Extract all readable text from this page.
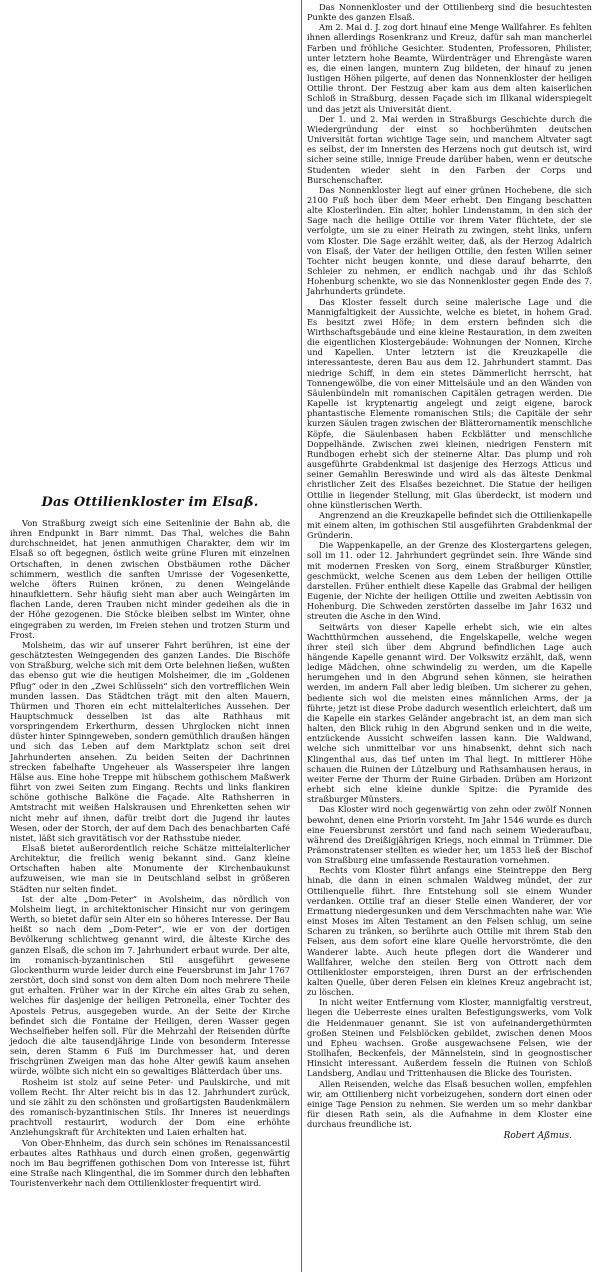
Das Ottilienkloster im Elsaß.

Von Straßburg zweigt sich eine Seitenlinie der Bahn ab, die ihren Endpunkt in Barr nimmt. Das Thal, welches die Bahn durchschneidet, hat jenen anmuthigen Charakter, dem wir im Elsaß so oft begegnen, östlich weite grüne Fluren mit einzelnen Ortschaften, in denen zwischen Obstbäumen rothe Dächer schimmern, westlich die sanften Umrisse der Vogesenkette, welche öfters Ruinen krönen, zu denen Weingelände hinaufklettern. Sehr häufig sieht man aber auch Weingärten im flachen Lande, deren Trauben nicht minder gedeihen als die in der Höhe gezogenen. Die Stöcke bleiben selbst im Winter, ohne eingegraben zu werden, im Freien stehen und trotzen Sturm und Frost.

Molsheim, das wir auf unserer Fahrt berühren, ist eine der geschätztesten Weingegenden des ganzen Landes. Die Bischöfe von Straßburg, welche sich mit dem Orte belehnen ließen, wußten das ebenso gut wie die heutigen Molsheimer, die im „Goldenen Pflug“ oder in den „Zwei Schlüsseln“ sich den vortrefflichen Wein munden lassen. Das Städtchen trägt mit den alten Mauern, Thürmen und Thoren ein echt mittelalterliches Aussehen. Der Hauptschmuck desselben ist das alte Rathhaus mit vorspringendem Erkerthurm, dessen Uhrglocken nicht innen düster hinter Spinngeweben, sondern gemüthlich draußen hängen und sich das Leben auf dem Marktplatz schon seit drei Jahrhunderten ansehen. Zu beiden Seiten der Dachrinnen strecken fabelhafte Ungeheuer als Wasserspeier ihre langen Hälse aus. Eine hohe Treppe mit hübschem gothischem Maßwerk führt von zwei Seiten zum Eingang. Rechts und links flankiren schöne gothische Balköne die Façade. Alte Rathsherren in Amtstracht mit weißen Halskrausen und Ehrenketten sehen wir nicht mehr auf ihnen, dafür treibt dort die Jugend ihr lautes Wesen, oder der Storch, der auf dem Dach des benachbarten Café nistet, läßt sich gravitätisch vor der Rathsstube nieder.

Elsaß bietet außerordentlich reiche Schätze mittelalterlicher Architektur, die freilich wenig bekannt sind. Ganz kleine Ortschaften haben alte Monumente der Kirchenbaukunst aufzuweisen, wie man sie in Deutschland selbst in größeren Städten nur selten findet.

Ist der alte „Dom-Peter“ in Avolsheim, das nördlich von Molsheim liegt, in architektonischer Hinsicht nur von geringem Werth, so bietet dafür sein Alter ein so höheres Interesse. Der Bau heißt so nach dem „Dom-Peter“, wie er von der dortigen Bevölkerung schlichtweg genannt wird, die älteste Kirche des ganzen Elsaß, die schon im 7. Jahrhundert erbaut wurde. Der alte, im romanisch-byzantinischen Stil ausgeführt gewesene Glockenthurm wurde leider durch eine Feuersbrunst im Jahr 1767 zerstört, doch sind sonst von dem alten Dom noch mehrere Theile gut erhalten. Früher war in der Kirche ein altes Grab zu sehen, welches für dasjenige der heiligen Petronella, einer Tochter des Apostels Petrus, ausgegeben wurde. An der Seite der Kirche befindet sich die Fontaine der Heiligen, deren Wasser gegen Wechselfieber helfen soll. Für die Mehrzahl der Reisenden dürfte jedoch die alte tausendjährige Linde von besonderm Interesse sein, deren Stamm 6 Fuß im Durchmesser hat, und deren frischgrünen Zweigen man das hohe Alter gewiß kaum ansehen würde, wölbte sich nicht ein so gewaltiges Blätterdach über uns.

Rosheim ist stolz auf seine Peter- und Paulskirche, und mit vollem Recht. Ihr Alter reicht bis in das 12. Jahrhundert zurück, und sie zählt zu den schönsten und großartigsten Baudenkmälern des romanisch-byzantinischen Stils. Ihr Inneres ist neuerdings prachtvoll restaurirt, wodurch der Dom eine erhöhte Anziehungskraft für Architekten und Laien erhalten hat.

Von Ober-Ehnheim, das durch sein schönes im Renaissancestil erbautes altes Rathhaus und durch einen großen, gegenwärtig noch im Bau begriffenen gothischen Dom von Interesse ist, führt eine Straße nach Klingenthal, die im Sommer durch den lebhaften Touristenverkehr nach dem Ottilienkloster frequentirt wird.

Das Nonnenkloster und der Ottilienberg sind die besuchtesten Punkte des ganzen Elsaß.

Am 2. Mai d. J. zog dort hinauf eine Menge Wallfahrer. Es fehlten ihnen allerdings Rosenkranz und Kreuz, dafür sah man mancherlei Farben und fröhliche Gesichter. Studenten, Professoren, Philister, unter letztern hohe Beamte, Würdenträger und Ehrengäste waren es, die einen langen, muntern Zug bildeten, der hinauf zu jenen lustigen Höhen pilgerte, auf denen das Nonnenkloster der heiligen Ottilie thront. Der Festzug aber kam aus dem alten kaiserlichen Schloß in Straßburg, dessen Façade sich im Illkanal widerspiegelt und das jetzt als Universität dient.

Der 1. und 2. Mai werden in Straßburgs Geschichte durch die Wiedergründung der einst so hochberühmten deutschen Universität fortan wichtige Tage sein, und manchem Altvater sagt es selbst, der im Innersten des Herzens noch gut deutsch ist, wird sicher seine stille, innige Freude darüber haben, wenn er deutsche Studenten wieder sieht in den Farben der Corps und Burschenschafter.

Das Nonnenkloster liegt auf einer grünen Hochebene, die sich 2100 Fuß hoch über dem Meer erhebt. Den Eingang beschatten alte Klosterlinden. Ein alter, hohler Lindenstamm, in den sich der Sage nach die heilige Ottilie vor ihrem Vater flüchtete, der sie verfolgte, um sie zu einer Heirath zu zwingen, steht links, unfern vom Kloster. Die Sage erzählt weiter, daß, als der Herzog Adalrich von Elsaß, der Vater der heiligen Ottilie, den festen Willen seiner Tochter nicht beugen konnte, und diese darauf beharrte, den Schleier zu nehmen, er endlich nachgab und ihr das Schloß Hohenburg schenkte, wo sie das Nonnenkloster gegen Ende des 7. Jahrhunderts gründete.

Das Kloster fesselt durch seine malerische Lage und die Mannigfaltigkeit der Aussichte, welche es bietet, in hohem Grad. Es besitzt zwei Höfe; in dem erstern befinden sich die Wirthschaftsgebäude und eine kleine Restauration, in dem zweiten die eigentlichen Klostergebäude: Wohnungen der Nonnen, Kirche und Kapellen. Unter letztern ist die Kreuzkapelle die interessanteste, deren Bau aus dem 12. Jahrhundert stammt. Das niedrige Schiff, in dem ein stetes Dämmerlicht herrscht, hat Tonnengewölbe, die von einer Mittelsäule und an den Wänden von Säulenbündeln mit romanischen Capitälen getragen werden. Die Kapelle ist kryptenartig angelegt und zeigt eigene, barock phantastische Elemente romanischen Stils; die Capitäle der sehr kurzen Säulen tragen zwischen der Blätterornamentik menschliche Köpfe, die Säulenbasen haben Eckblätter und menschliche Doppelhände. Zwischen zwei kleinen, niedrigen Fenstern mit Rundbogen erhebt sich der steinerne Altar. Das plump und roh ausgeführte Grabdenkmal ist dasjenige des Herzogs Atticus und seiner Gemahlin Bereswinde und wird als das älteste Denkmal christlicher Zeit des Elsaßes bezeichnet. Die Statue der heiligen Ottilie in liegender Stellung, mit Glas überdeckt, ist modern und ohne künstlerischen Werth.

Angrenzend an die Kreuzkapelle befindet sich die Ottilienkapelle mit einem alten, im gothischen Stil ausgeführten Grabdenkmal der Gründerin.

Die Wappenkapelle, an der Grenze des Klostergartens gelegen, soll im 11. oder 12. Jahrhundert gegründet sein. Ihre Wände sind mit modernen Fresken von Sorg, einem Straßburger Künstler, geschmückt, welche Scenen aus dem Leben der heiligen Ottilie darstellen. Früher enthielt diese Kapelle das Grabmal der heiligen Eugenie, der Nichte der heiligen Ottilie und zweiten Aebtissin von Hohenburg. Die Schweden zerstörten dasselbe im Jahr 1632 und streuten die Asche in den Wind.

Seitwärts von dieser Kapelle erhebt sich, wie ein altes Wachtthürmchen aussehend, die Engelskapelle, welche wegen ihrer steil sich über dem Abgrund befindlichen Lage auch hängende Kapelle genannt wird. Der Volkswitz erzählt, daß, wenn ledige Mädchen, ohne schwindelig zu werden, um die Kapelle herumgehen und in den Abgrund sehen können, sie heirathen werden, im andern Fall aber ledig bleiben. Um sicherer zu gehen, bediente sich wol die meisten eines männlichen Arms, der ja führte; jetzt ist diese Probe dadurch wesentlich erleichtert, daß um die Kapelle ein starkes Geländer angebracht ist, an dem man sich halten, den Blick ruhig in den Abgrund senken und in die weite, entzückende Aussicht schweifen lassen kann. Die Waldwand, welche sich unmittelbar vor uns hinabsenkt, dehnt sich nach Klingenthal aus, das tief unten im Thal liegt. In mittlerer Höhe schauen die Ruinen der Lützelburg und Rathsamhausen heraus, in weiter Ferne der Thurm der Ruine Girbaden. Drüben am Horizont erhebt sich eine kleine dunkle Spitze: die Pyramide des straßburger Münsters.

Das Kloster wird noch gegenwärtig von zehn oder zwölf Nonnen bewohnt, denen eine Priorin vorsteht. Im Jahr 1546 wurde es durch eine Feuersbrunst zerstört und fand nach seinem Wiederaufbau, während des Dreißigjährigen Kriegs, noch einmal in Trümmer. Die Prämonstratenser stellten es wieder her, um 1853 ließ der Bischof von Straßburg eine umfassende Restauration vornehmen.

Rechts vom Kloster führt anfangs eine Steintreppe den Berg hinab, die dann in einen schmalen Waldweg mündet, der zur Ottilienquelle führt. Ihre Entstehung soll sie einem Wunder verdanken. Ottilie traf an dieser Stelle einen Wanderer, der vor Ermattung niedergesunken und dem Verschmachten nahe war. Wie einst Moses im Alten Testament an den Felsen schlug, um seine Scharen zu tränken, so berührte auch Ottilie mit ihrem Stab den Felsen, aus dem sofort eine klare Quelle hervorströmte, die den Wanderer labte. Auch heute pflegen dort die Wanderer und Wallfahrer, welche den steilen Berg von Ottrott nach dem Ottilienkloster emporsteigen, ihren Durst an der erfrischenden kalten Quelle, über deren Felsen ein kleines Kreuz angebracht ist, zu löschen.

In nicht weiter Entfernung vom Kloster, mannigfaltig verstreut, liegen die Ueberreste eines uralten Befestigungswerks, vom Volk die Heidenmauer genannt. Sie ist von aufeinandergethürmten großen Steinen und Felsblöcken gebildet, zwischen denen Moos und Epheu wachsen. Große ausgewachsene Felsen, wie der Stollhafen, Beckenfels, der Männelstein, sind in geognostischer Hinsicht interessant. Außerdem fesseln die Ruinen von Schloß Landsberg, Andlau und Trittenhausen die Blicke des Touristen.

Allen Reisenden, welche das Elsaß besuchen wollen, empfehlen wir, am Ottilienberg nicht vorbeizugehen, sondern dort einen oder einige Tage Pension zu nehmen. Sie werden um so mehr dankbar für diesen Rath sein, als die Aufnahme in dem Kloster eine durchaus freundliche ist.

Robert Aßmus.
